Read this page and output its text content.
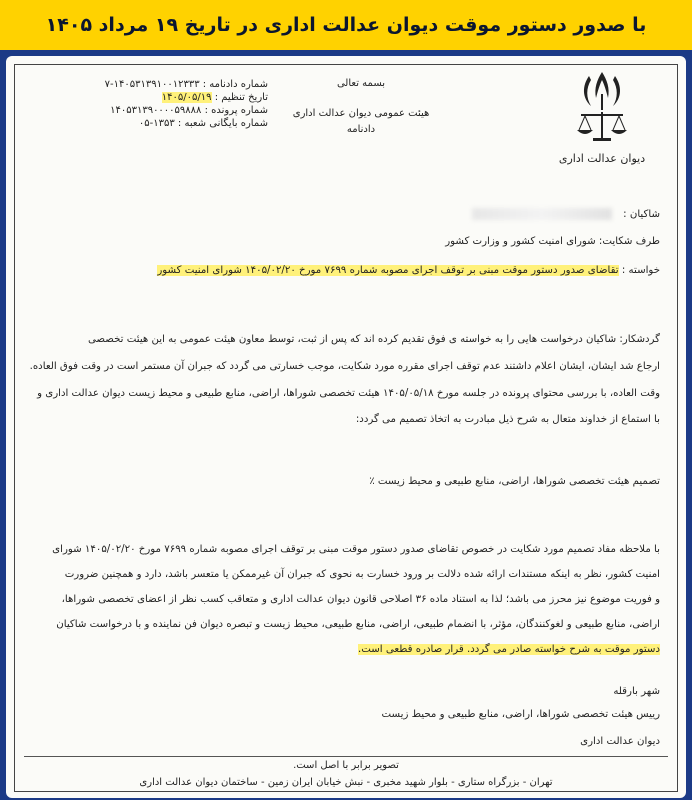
با صدور دستور موقت دیوان عدالت اداری در تاریخ ۱۹ مرداد ۱۴۰۵
دیوان عدالت اداری
بسمه تعالی
هیئت عمومی دیوان عدالت اداری
دادنامه
شماره دادنامه : ۱۴۰۵۳۱۳۹۱۰۰۱۲۳۳۳-۷
تاریخ تنظیم : ۱۴۰۵/۰۵/۱۹
شماره پرونده : ۱۴۰۵۳۱۳۹۰۰۰۰۵۹۸۸۸
شماره بایگانی شعبه : ۱۳۵۳-۰۵
شاکیان :
طرف شکایت: شورای امنیت کشور و وزارت کشور
خواسته : تقاضای صدور دستور موقت مبنی بر توقف اجرای مصوبه شماره ۷۶۹۹ مورخ ۱۴۰۵/۰۲/۲۰ شورای امنیت کشور
گردشکار: شاکیان درخواست هایی را به خواسته ی فوق تقدیم کرده اند که پس از ثبت، توسط معاون هیئت عمومی به این هیئت تخصصی
ارجاع شد ایشان، ایشان اعلام داشتند عدم توقف اجرای مقرره مورد شکایت، موجب خسارتی می گردد که جبران آن مستمر است در وقت فوق العاده.
وقت العاده، با بررسی محتوای پرونده در جلسه مورخ ۱۴۰۵/۰۵/۱۸ هیئت تخصصی شوراها، اراضی، منابع طبیعی و محیط زیست دیوان عدالت اداری و
با استماع از خداوند متعال به شرح ذیل مبادرت به اتخاذ تصمیم می گردد:
تصمیم هیئت تخصصی شوراها، اراضی، منابع طبیعی و محیط زیست ٪
با ملاحظه مفاد تصمیم مورد شکایت در خصوص تقاضای صدور دستور موقت مبنی بر توقف اجرای مصوبه شماره ۷۶۹۹ مورخ ۱۴۰۵/۰۲/۲۰ شورای
امنیت کشور، نظر به اینکه مستندات ارائه شده دلالت بر ورود خسارت به نحوی که جبران آن غیرممکن یا متعسر باشد، دارد و همچنین ضرورت
و فوریت موضوع نیز محرز می باشد؛ لذا به استناد ماده ۳۶ اصلاحی قانون دیوان عدالت اداری و متعاقب کسب نظر از اعضای تخصصی شوراها،
اراضی، منابع طبیعی و لغوکنندگان، مؤثر، با انضمام طبیعی، اراضی، منابع طبیعی، محیط زیست و تبصره دیوان فن نماینده و با درخواست شاکیان
دستور موقت به شرح خواسته صادر می گردد. قرار صادره قطعی است.
شهر بارقله
رییس هیئت تخصصی شوراها، اراضی، منابع طبیعی و محیط زیست
دیوان عدالت اداری
تصویر برابر با اصل است.
تهران - بزرگراه ستاری - بلوار شهید مخبری - نبش خیابان ایران زمین - ساختمان دیوان عدالت اداری
